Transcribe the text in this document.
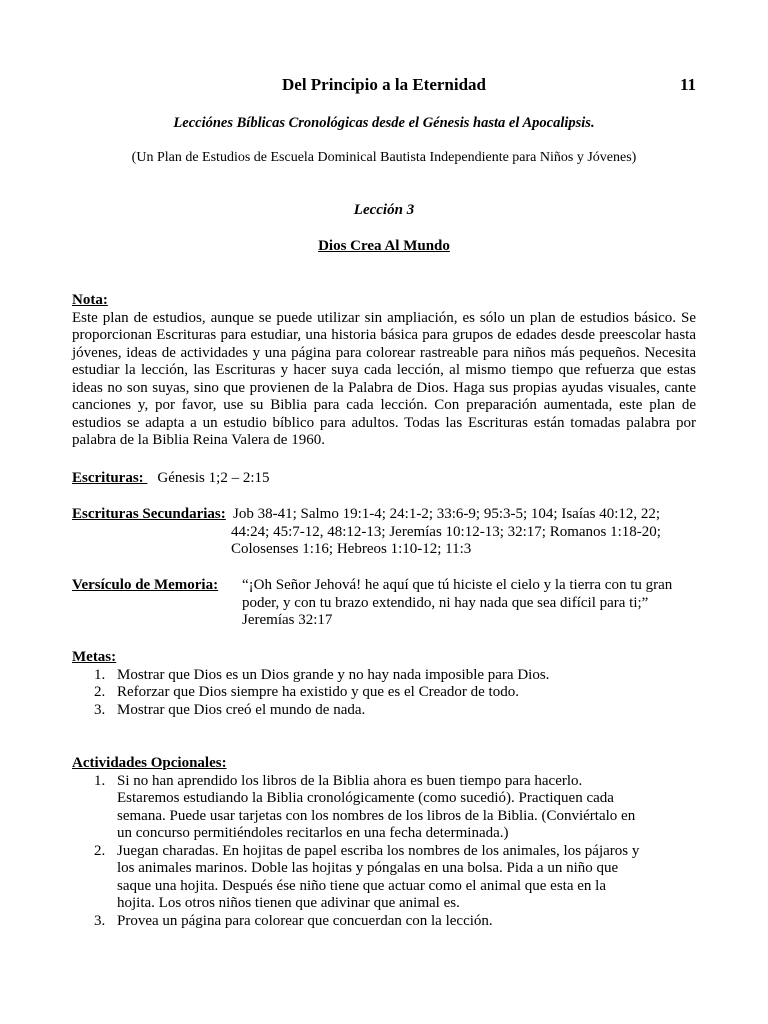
Del Principio a la Eternidad	11
Lecciónes Bíblicas Cronológicas desde el Génesis hasta el Apocalipsis.
(Un Plan de Estudios de Escuela Dominical Bautista Independiente para Niños y Jóvenes)
Lección 3
Dios Crea Al Mundo
Nota:

Este plan de estudios, aunque se puede utilizar sin ampliación, es sólo un plan de estudios básico. Se proporcionan Escrituras para estudiar, una historia básica para grupos de edades desde preescolar hasta jóvenes, ideas de actividades y una página para colorear rastreable para niños más pequeños. Necesita estudiar la lección, las Escrituras y hacer suya cada lección, al mismo tiempo que refuerza que estas ideas no son suyas, sino que provienen de la Palabra de Dios. Haga sus propias ayudas visuales, cante canciones y, por favor, use su Biblia para cada lección. Con preparación aumentada, este plan de estudios se adapta a un estudio bíblico para adultos. Todas las Escrituras están tomadas palabra por palabra de la Biblia Reina Valera de 1960.

Escrituras: Génesis 1;2 – 2:15
Escrituras Secundarias: Job 38-41; Salmo 19:1-4; 24:1-2; 33:6-9; 95:3-5; 104; Isaías 40:12, 22;
44:24; 45:7-12, 48:12-13; Jeremías 10:12-13; 32:17; Romanos 1:18-20;
Colosenses 1:16; Hebreos 1:10-12; 11:3
Versículo de Memoria: “¡Oh Señor Jehová! he aquí que tú hiciste el cielo y la tierra con tu gran
poder, y con tu brazo extendido, ni hay nada que sea difícil para ti;”
Jeremías 32:17
Metas:
1. Mostrar que Dios es un Dios grande y no hay nada imposible para Dios.
2. Reforzar que Dios siempre ha existido y que es el Creador de todo.
3. Mostrar que Dios creó el mundo de nada.
Actividades Opcionales:
1. Si no han aprendido los libros de la Biblia ahora es buen tiempo para hacerlo. Estaremos estudiando la Biblia cronológicamente (como sucedió). Practiquen cada semana. Puede usar tarjetas con los nombres de los libros de la Biblia. (Conviértalo en un concurso permitiéndoles recitarlos en una fecha determinada.)
2. Juegan charadas. En hojitas de papel escriba los nombres de los animales, los pájaros y los animales marinos. Doble las hojitas y póngalas en una bolsa. Pida a un niño que saque una hojita. Después ése niño tiene que actuar como el animal que esta en la hojita. Los otros niños tienen que adivinar que animal es.
3. Provea un página para colorear que concuerdan con la lección.
